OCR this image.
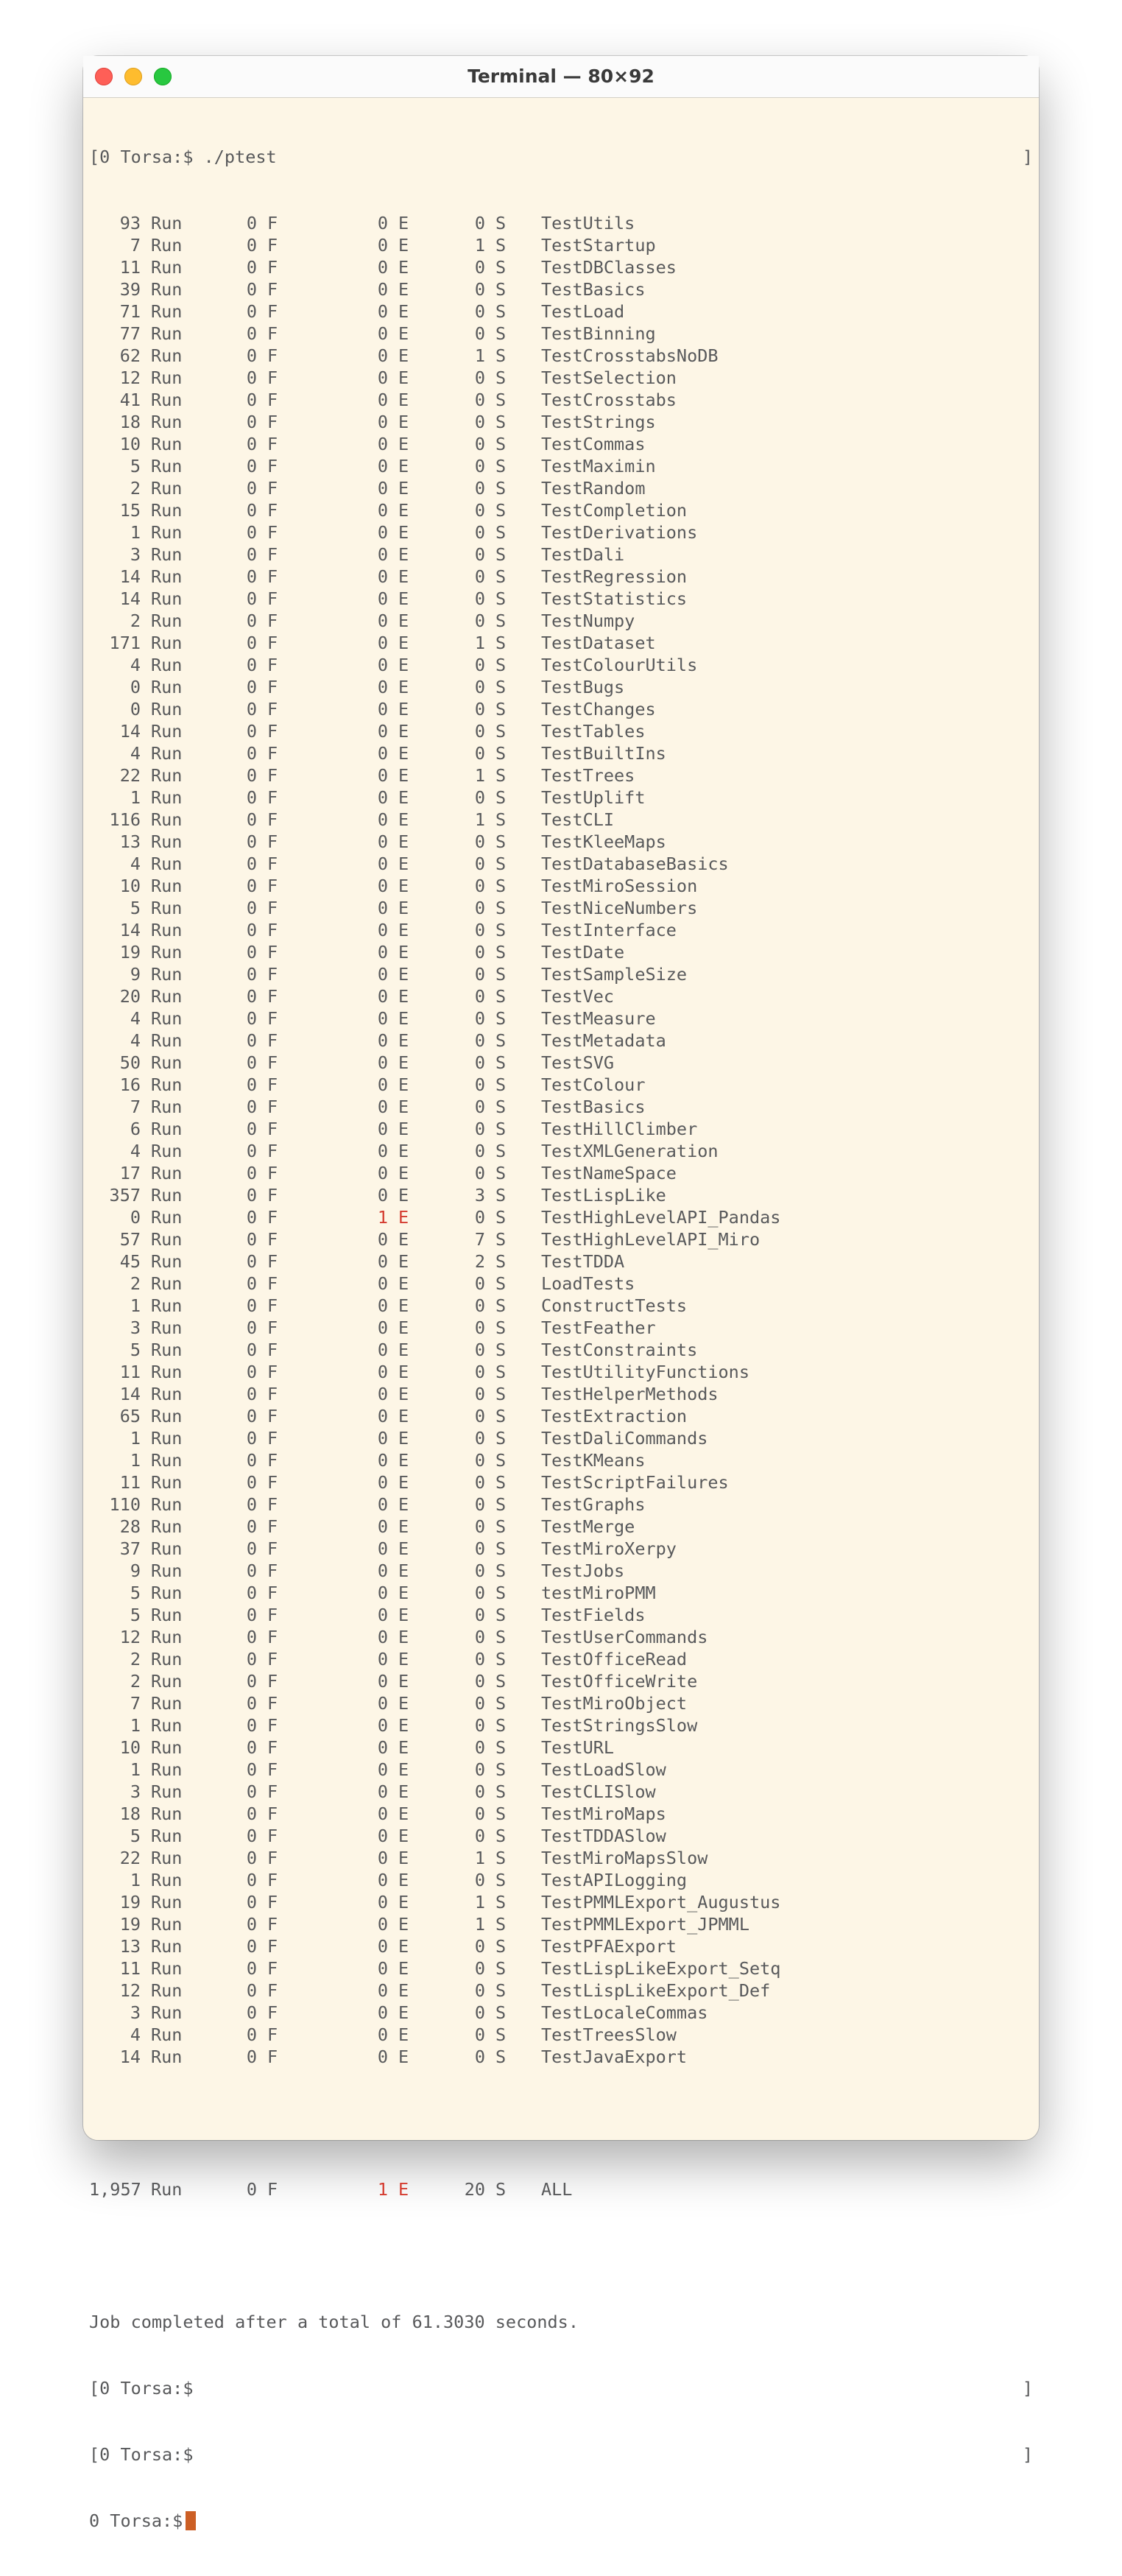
Terminal — 80×92

[0 Torsa:$ ./ptest	]

93 Run	0 F	0 E	0 S TestUtils
7 Run	0 F	0 E	1 S TestStartup
11 Run	0 F	0 E	0 S TestDBClasses
39 Run	0 F	0 E	0 S TestBasics
71 Run	0 F	0 E	0 S TestLoad
77 Run	0 F	0 E	0 S TestBinning
62 Run	0 F	0 E	1 S TestCrosstabsNoDB
12 Run	0 F	0 E	0 S TestSelection
41 Run	0 F	0 E	0 S TestCrosstabs
18 Run	0 F	0 E	0 S TestStrings
10 Run	0 F	0 E	0 S TestCommas
5 Run	0 F	0 E	0 S TestMaximin
2 Run	0 F	0 E	0 S TestRandom
15 Run	0 F	0 E	0 S TestCompletion
1 Run	0 F	0 E	0 S TestDerivations
3 Run	0 F	0 E	0 S TestDali
14 Run	0 F	0 E	0 S TestRegression
14 Run	0 F	0 E	0 S TestStatistics
2 Run	0 F	0 E	0 S TestNumpy
171 Run	0 F	0 E	1 S TestDataset
4 Run	0 F	0 E	0 S TestColourUtils
0 Run	0 F	0 E	0 S TestBugs
0 Run	0 F	0 E	0 S TestChanges
14 Run	0 F	0 E	0 S TestTables
4 Run	0 F	0 E	0 S TestBuiltIns
22 Run	0 F	0 E	1 S TestTrees
1 Run	0 F	0 E	0 S TestUplift
116 Run	0 F	0 E	1 S TestCLI
13 Run	0 F	0 E	0 S TestKleeMaps
4 Run	0 F	0 E	0 S TestDatabaseBasics
10 Run	0 F	0 E	0 S TestMiroSession
5 Run	0 F	0 E	0 S TestNiceNumbers
14 Run	0 F	0 E	0 S TestInterface
19 Run	0 F	0 E	0 S TestDate
9 Run	0 F	0 E	0 S TestSampleSize
20 Run	0 F	0 E	0 S TestVec
4 Run	0 F	0 E	0 S TestMeasure
4 Run	0 F	0 E	0 S TestMetadata
50 Run	0 F	0 E	0 S TestSVG
16 Run	0 F	0 E	0 S TestColour
7 Run	0 F	0 E	0 S TestBasics
6 Run	0 F	0 E	0 S TestHillClimber
4 Run	0 F	0 E	0 S TestXMLGeneration
17 Run	0 F	0 E	0 S TestNameSpace
357 Run	0 F	0 E	3 S TestLispLike
0 Run	0 F	1 E	0 S TestHighLevelAPI_Pandas
57 Run	0 F	0 E	7 S TestHighLevelAPI_Miro
45 Run	0 F	0 E	2 S TestTDDA
2 Run	0 F	0 E	0 S LoadTests
1 Run	0 F	0 E	0 S ConstructTests
3 Run	0 F	0 E	0 S TestFeather
5 Run	0 F	0 E	0 S TestConstraints
11 Run	0 F	0 E	0 S TestUtilityFunctions
14 Run	0 F	0 E	0 S TestHelperMethods
65 Run	0 F	0 E	0 S TestExtraction
1 Run	0 F	0 E	0 S TestDaliCommands
1 Run	0 F	0 E	0 S TestKMeans
11 Run	0 F	0 E	0 S TestScriptFailures
110 Run	0 F	0 E	0 S TestGraphs
28 Run	0 F	0 E	0 S TestMerge
37 Run	0 F	0 E	0 S TestMiroXerpy
9 Run	0 F	0 E	0 S TestJobs
5 Run	0 F	0 E	0 S testMiroPMM
5 Run	0 F	0 E	0 S TestFields
12 Run	0 F	0 E	0 S TestUserCommands
2 Run	0 F	0 E	0 S TestOfficeRead
2 Run	0 F	0 E	0 S TestOfficeWrite
7 Run	0 F	0 E	0 S TestMiroObject
1 Run	0 F	0 E	0 S TestStringsSlow
10 Run	0 F	0 E	0 S TestURL
1 Run	0 F	0 E	0 S TestLoadSlow
3 Run	0 F	0 E	0 S TestCLISlow
18 Run	0 F	0 E	0 S TestMiroMaps
5 Run	0 F	0 E	0 S TestTDDASlow
22 Run	0 F	0 E	1 S TestMiroMapsSlow
1 Run	0 F	0 E	0 S TestAPILogging
19 Run	0 F	0 E	1 S TestPMMLExport_Augustus
19 Run	0 F	0 E	1 S TestPMMLExport_JPMML
13 Run	0 F	0 E	0 S TestPFAExport
11 Run	0 F	0 E	0 S TestLispLikeExport_Setq
12 Run	0 F	0 E	0 S TestLispLikeExport_Def
3 Run	0 F	0 E	0 S TestLocaleCommas
4 Run	0 F	0 E	0 S TestTreesSlow
14 Run	0 F	0 E	0 S TestJavaExport

1,957 Run	0 F	1 E	20 S ALL

Job completed after a total of 61.3030 seconds.

[0 Torsa:$	]

[0 Torsa:$	]

0 Torsa:$
